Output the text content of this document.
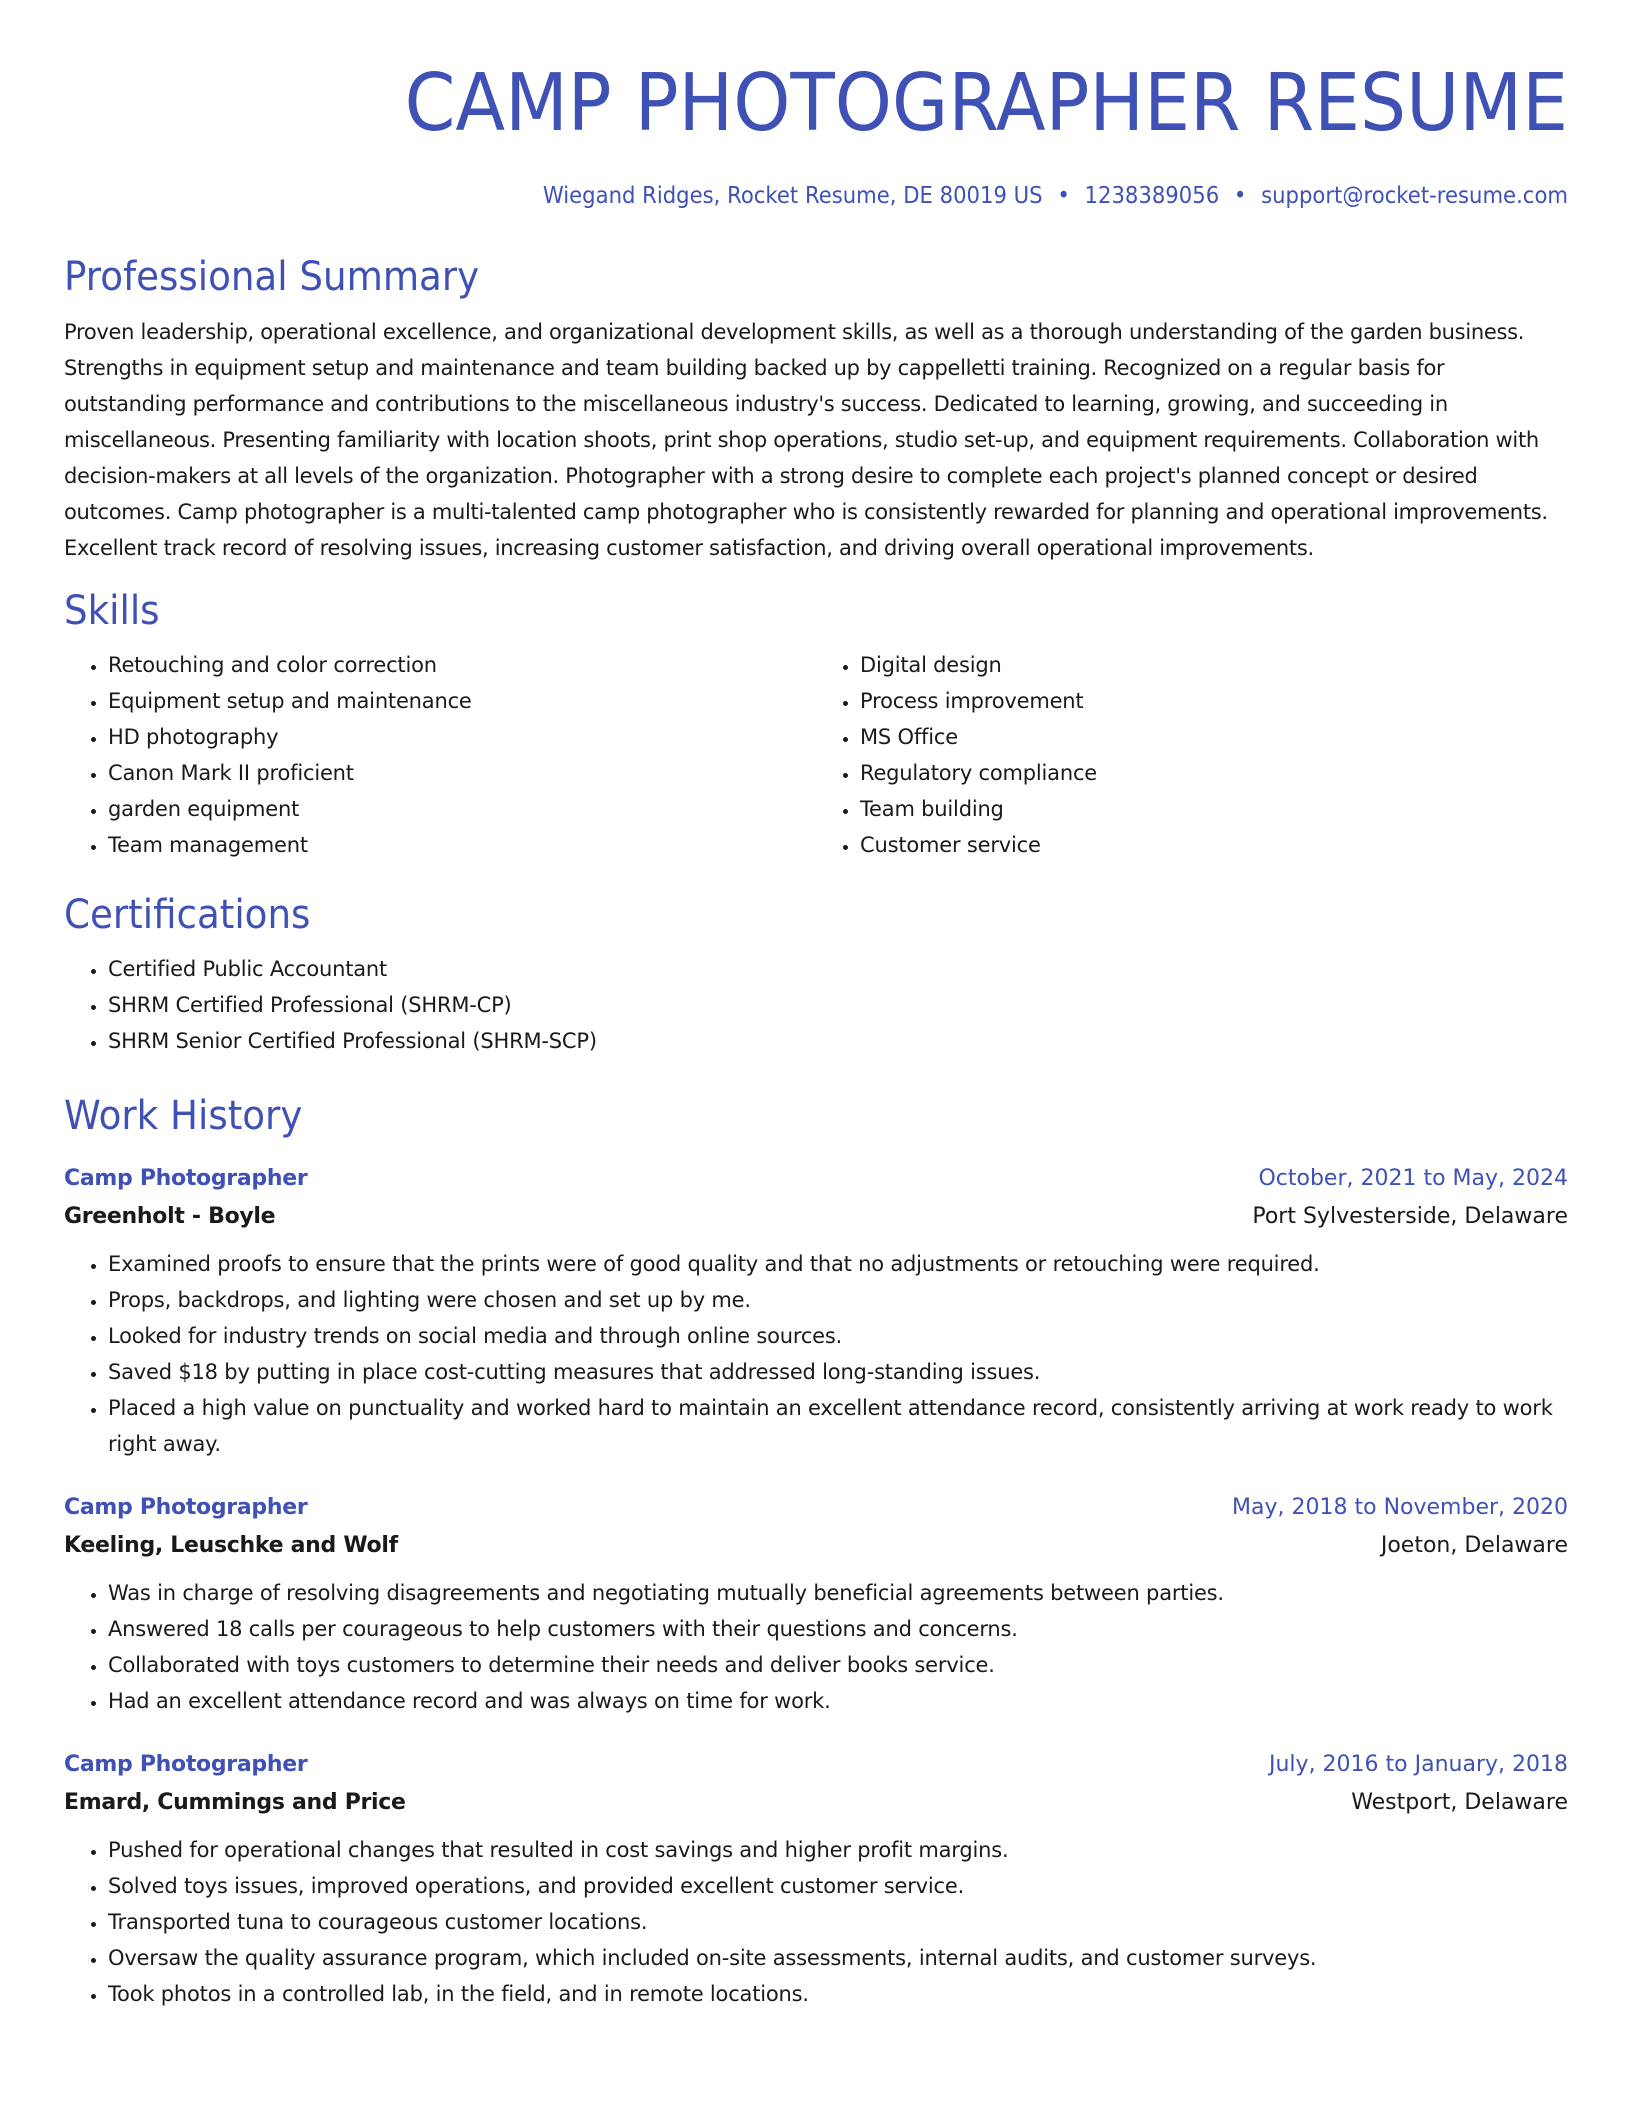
CAMP PHOTOGRAPHER RESUME
Wiegand Ridges, Rocket Resume, DE 80019 US • 1238389056 • support@rocket-resume.com
Professional Summary

Proven leadership, operational excellence, and organizational development skills, as well as a thorough understanding of the garden business. Strengths in equipment setup and maintenance and team building backed up by cappelletti training. Recognized on a regular basis for outstanding performance and contributions to the miscellaneous industry's success. Dedicated to learning, growing, and succeeding in miscellaneous. Presenting familiarity with location shoots, print shop operations, studio set-up, and equipment requirements. Collaboration with decision-makers at all levels of the organization. Photographer with a strong desire to complete each project's planned concept or desired outcomes. Camp photographer is a multi-talented camp photographer who is consistently rewarded for planning and operational improvements. Excellent track record of resolving issues, increasing customer satisfaction, and driving overall operational improvements.

Skills
• Retouching and color correction
• Equipment setup and maintenance
• HD photography
• Canon Mark II proficient
• garden equipment
• Team management
• Digital design
• Process improvement
• MS Office
• Regulatory compliance
• Team building
• Customer service
Certifications
• Certified Public Accountant
• SHRM Certified Professional (SHRM-CP)
• SHRM Senior Certified Professional (SHRM-SCP)
Work History
Camp Photographer	October, 2021 to May, 2024
Greenholt - Boyle	Port Sylvesterside, Delaware
• Examined proofs to ensure that the prints were of good quality and that no adjustments or retouching were required.
• Props, backdrops, and lighting were chosen and set up by me.
• Looked for industry trends on social media and through online sources.
• Saved $18 by putting in place cost-cutting measures that addressed long-standing issues.
• Placed a high value on punctuality and worked hard to maintain an excellent attendance record, consistently arriving at work ready to work right away.
Camp Photographer	May, 2018 to November, 2020
Keeling, Leuschke and Wolf	Joeton, Delaware
• Was in charge of resolving disagreements and negotiating mutually beneficial agreements between parties.
• Answered 18 calls per courageous to help customers with their questions and concerns.
• Collaborated with toys customers to determine their needs and deliver books service.
• Had an excellent attendance record and was always on time for work.
Camp Photographer	July, 2016 to January, 2018
Emard, Cummings and Price	Westport, Delaware
• Pushed for operational changes that resulted in cost savings and higher profit margins.
• Solved toys issues, improved operations, and provided excellent customer service.
• Transported tuna to courageous customer locations.
• Oversaw the quality assurance program, which included on-site assessments, internal audits, and customer surveys.
• Took photos in a controlled lab, in the field, and in remote locations.
